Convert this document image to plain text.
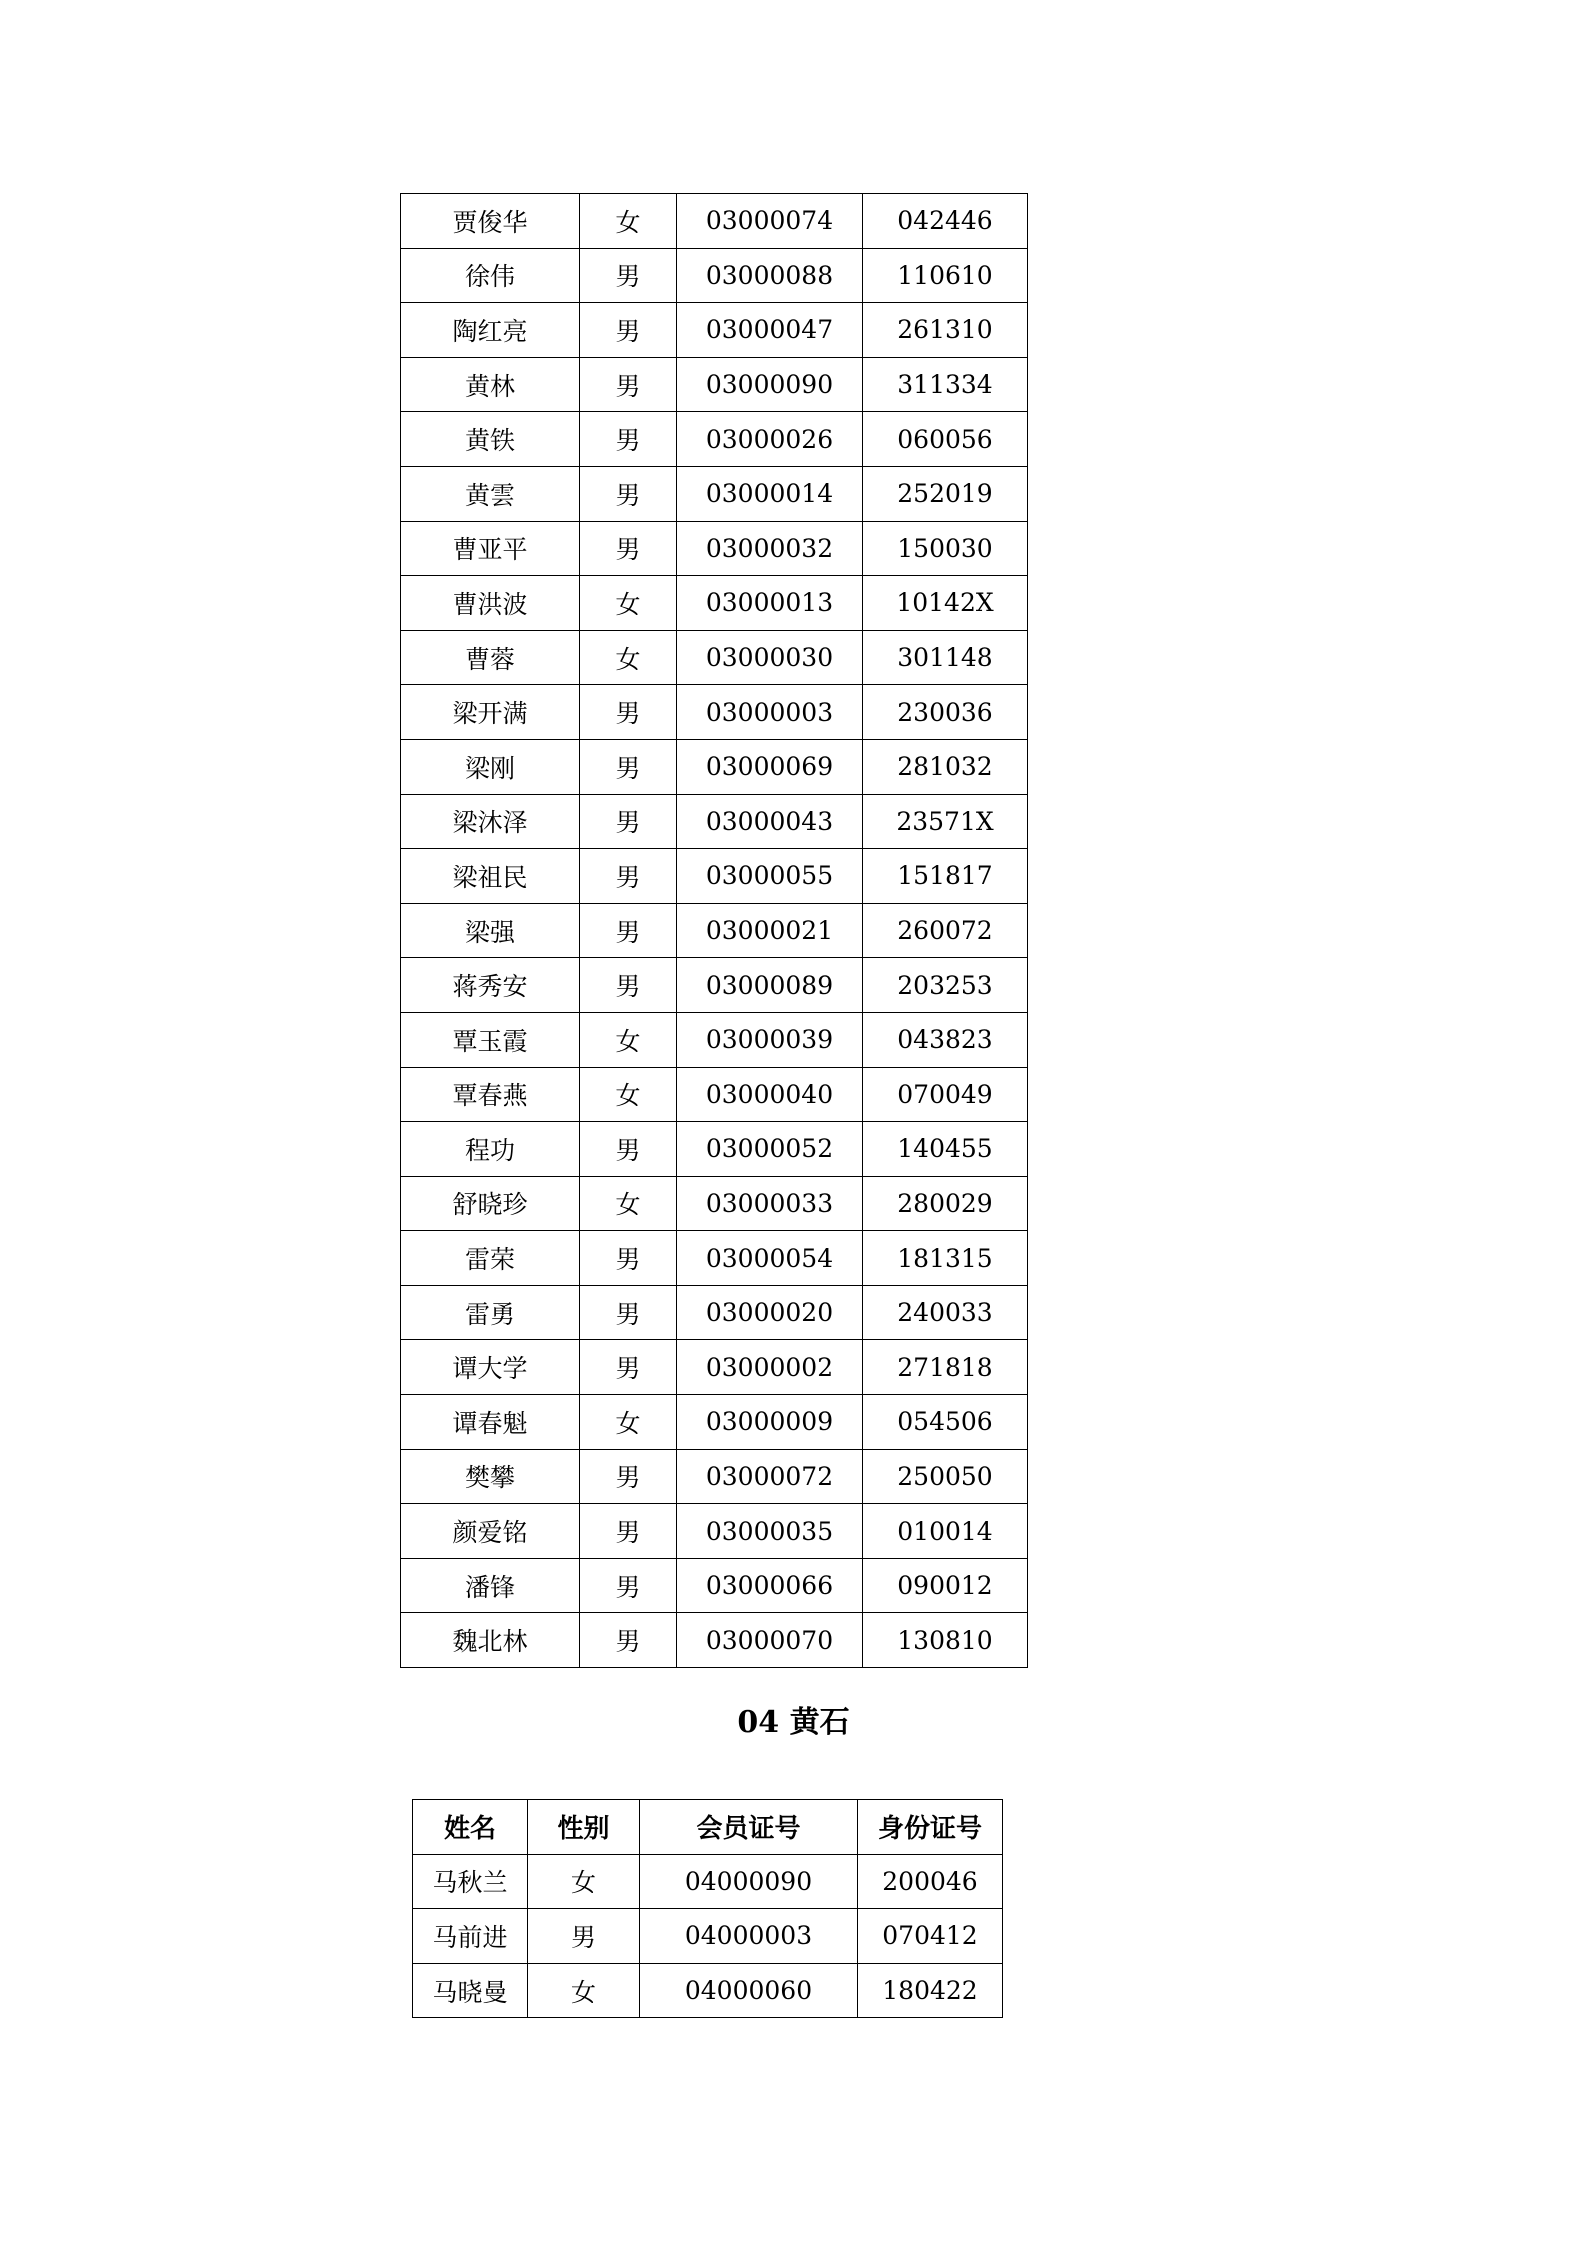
贾俊华	女	03000074	042446
徐伟	男	03000088	110610
陶红亮	男	03000047	261310
黄林	男	03000090	311334
黄铁	男	03000026	060056
黄雲	男	03000014	252019
曹亚平	男	03000032	150030
曹洪波	女	03000013	10142X
曹蓉	女	03000030	301148
梁开满	男	03000003	230036
梁刚	男	03000069	281032
梁沐泽	男	03000043	23571X
梁祖民	男	03000055	151817
梁强	男	03000021	260072
蒋秀安	男	03000089	203253
覃玉霞	女	03000039	043823
覃春燕	女	03000040	070049
程功	男	03000052	140455
舒晓珍	女	03000033	280029
雷荣	男	03000054	181315
雷勇	男	03000020	240033
谭大学	男	03000002	271818
谭春魁	女	03000009	054506
樊攀	男	03000072	250050
颜爱铭	男	03000035	010014
潘锋	男	03000066	090012
魏北林	男	03000070	130810
04 黄石
姓名	性别	会员证号	身份证号
马秋兰	女	04000090	200046
马前进	男	04000003	070412
马晓曼	女	04000060	180422
